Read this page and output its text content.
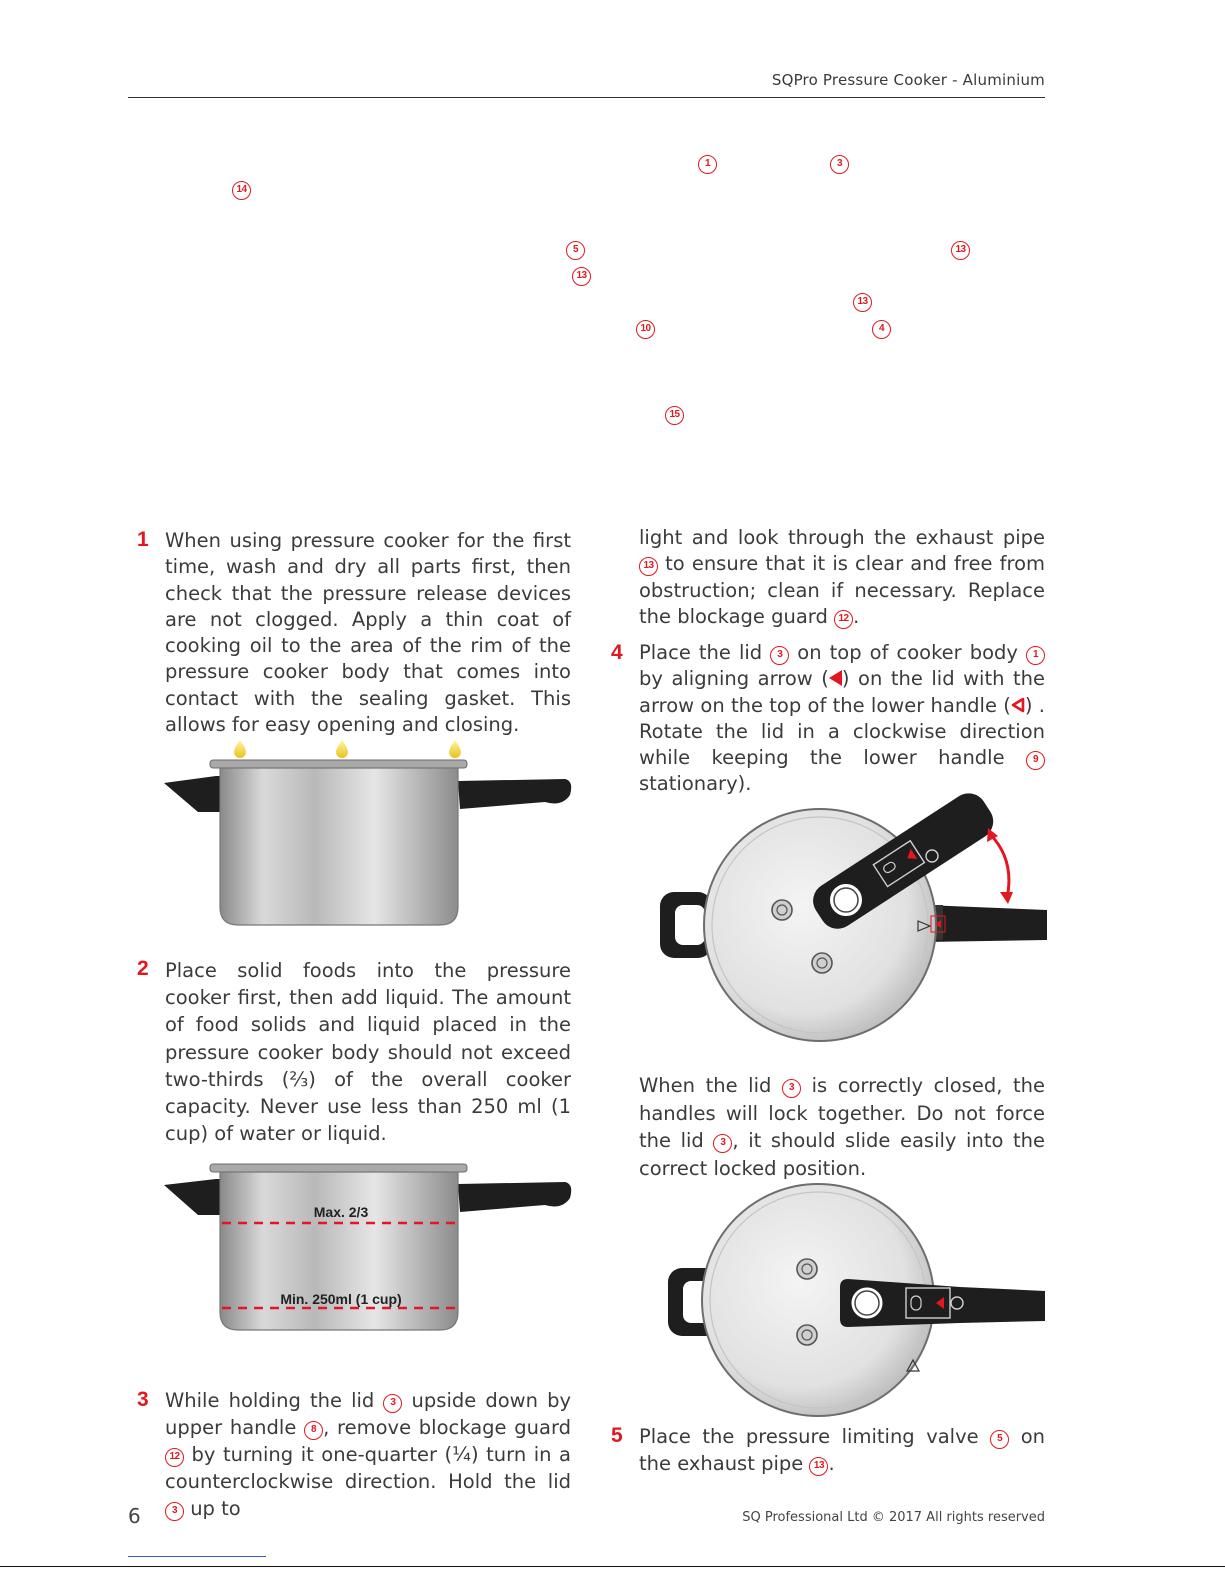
SQPro Pressure Cooker - Aluminium
1	3
14
5	13
13
13
10	4
15
1 When using pressure cooker for the first time, wash and dry all parts first, then check that the pressure release devices are not clogged. Apply a thin coat of cooking oil to the area of the rim of the pressure cooker body that comes into contact with the sealing gasket. This allows for easy opening and closing.
2 Place solid foods into the pressure cooker first, then add liquid. The amount of food solids and liquid placed in the pressure cooker body should not exceed two-thirds (⅔) of the overall cooker capacity. Never use less than 250 ml (1 cup) of water or liquid.
Max. 2/3
Min. 250ml (1 cup)
3 While holding the lid 3 upside down by upper handle 8 , remove blockage guard 12 by turning it one-quarter (¼) turn in a counterclockwise direction. Hold the lid 3 up to
light and look through the exhaust pipe 13 to ensure that it is clear and free from obstruction; clean if necessary. Replace the blockage guard 12 .
4 Place the lid 3 on top of cooker body 1 by aligning arrow ( ) on the lid with the arrow on the top of the lower handle ( ) . Rotate the lid in a clockwise direction while keeping the lower handle	9 stationary).
When the lid 3 is correctly closed, the handles will lock together. Do not force the lid 3 , it should slide easily into the correct locked position.
5 Place the pressure limiting valve 5 on the exhaust pipe 13 .
6	SQ Professional Ltd © 2017 All rights reserved
